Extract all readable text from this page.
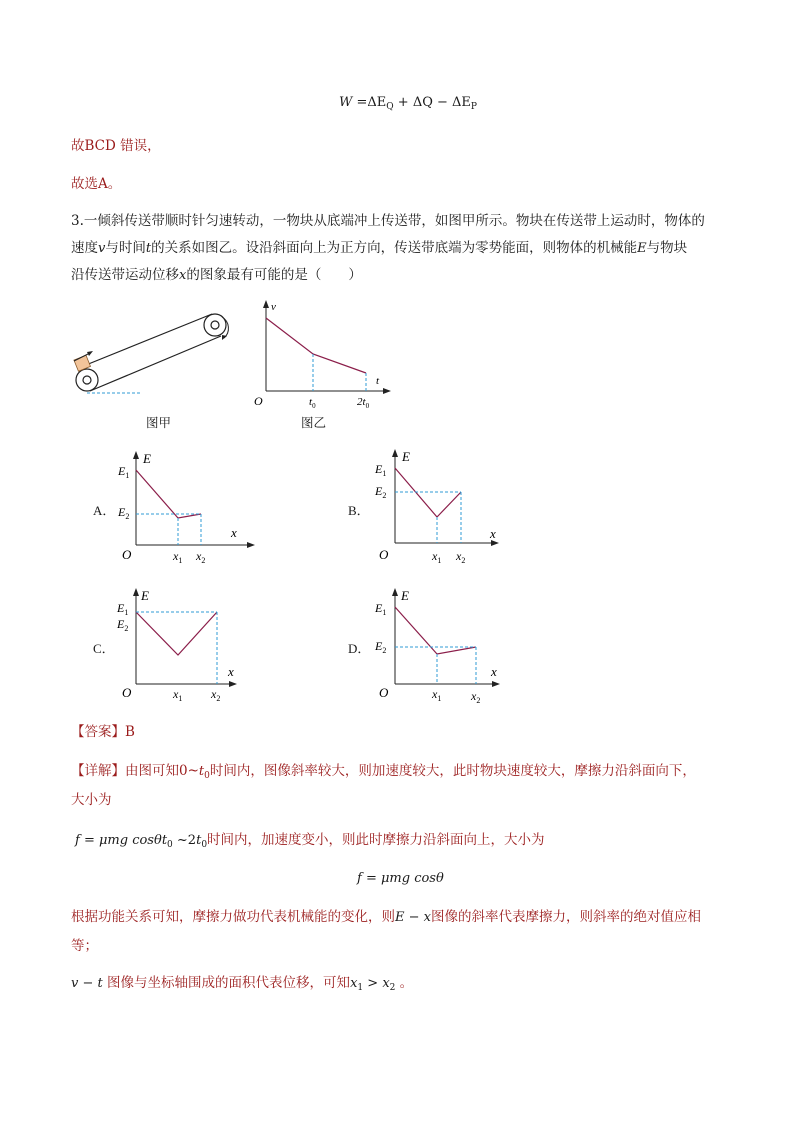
$W =\Delta E_Q + \Delta Q - \Delta E_P$
故BCD 错误，
故选A。
3.一倾斜传送带顺时针匀速转动，一物块从底端冲上传送带，如图甲所示。物块在传送带上运动时，物体的
速度v与时间t的关系如图乙。设沿斜面向上为正方向，传送带底端为零势能面，则物体的机械能E与物块
沿传送带运动位移x的图象最有可能的是（　　）
图甲
v
t
O	$t_0$	$2t_0$
图乙
A．
E
$E_1$
$E_2$
x
O	$x_1$ $x_2$
B．
E
$E_1$
$E_2$
x
O	$x_1$ $x_2$
C．
E
$E_1$
$E_2$
x
O	$x_1$ $x_2$
D．
E
$E_1$
$E_2$
x
O	$x_1$ $x_2$
【答案】B
【详解】由图可知$0\sim t_0$时间内，图像斜率较大，则加速度较大，此时物块速度较大，摩擦力沿斜面向下，
大小为
f = μmg cosθt$_0$ $\sim 2t_0$时间内，加速度变小，则此时摩擦力沿斜面向上，大小为
f = μmg cosθ
根据功能关系可知，摩擦力做功代表机械能的变化，则E − x图像的斜率代表摩擦力，则斜率的绝对值应相
等；
v − t 图像与坐标轴围成的面积代表位移，可知$x_1 > x_2$ 。
